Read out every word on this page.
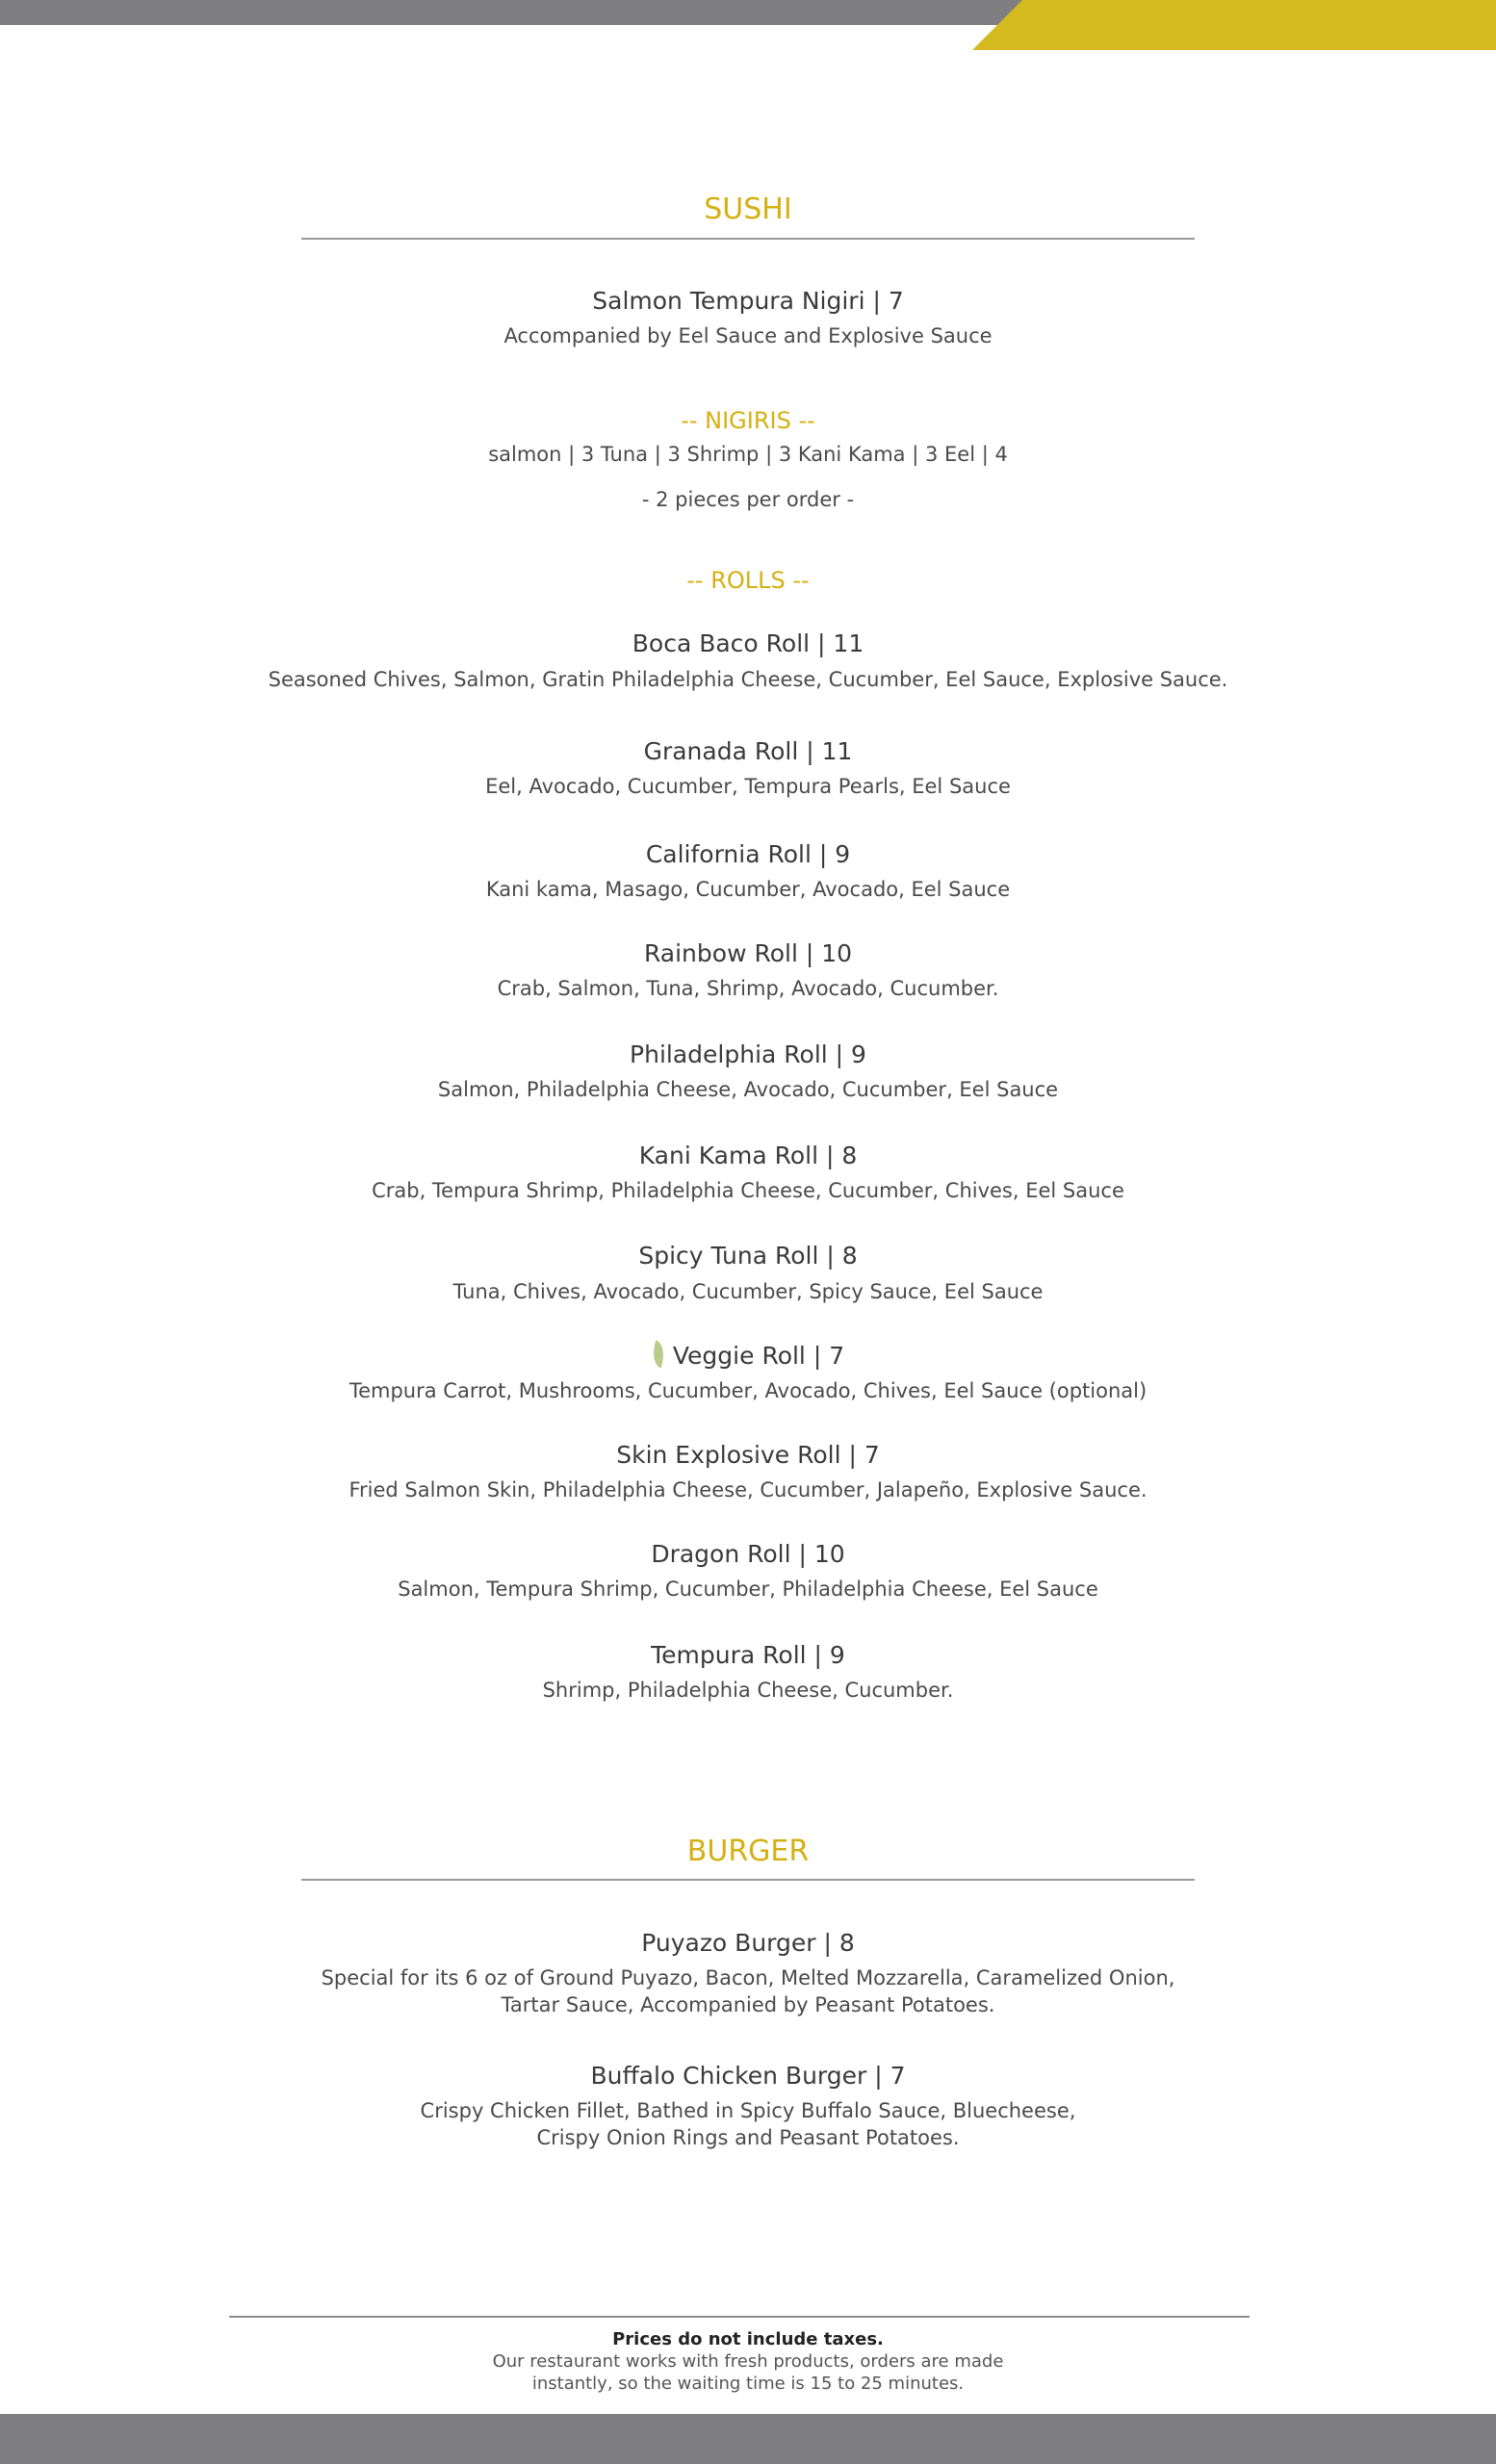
SUSHI
Salmon Tempura Nigiri | 7
Accompanied by Eel Sauce and Explosive Sauce
-- NIGIRIS --
salmon | 3 Tuna | 3 Shrimp | 3 Kani Kama | 3 Eel | 4
- 2 pieces per order -
-- ROLLS --
Boca Baco Roll | 11
Seasoned Chives, Salmon, Gratin Philadelphia Cheese, Cucumber, Eel Sauce, Explosive Sauce.
Granada Roll | 11
Eel, Avocado, Cucumber, Tempura Pearls, Eel Sauce
California Roll | 9
Kani kama, Masago, Cucumber, Avocado, Eel Sauce
Rainbow Roll | 10
Crab, Salmon, Tuna, Shrimp, Avocado, Cucumber.
Philadelphia Roll | 9
Salmon, Philadelphia Cheese, Avocado, Cucumber, Eel Sauce
Kani Kama Roll | 8
Crab, Tempura Shrimp, Philadelphia Cheese, Cucumber, Chives, Eel Sauce
Spicy Tuna Roll | 8
Tuna, Chives, Avocado, Cucumber, Spicy Sauce, Eel Sauce
Veggie Roll | 7
Tempura Carrot, Mushrooms, Cucumber, Avocado, Chives, Eel Sauce (optional)
Skin Explosive Roll | 7
Fried Salmon Skin, Philadelphia Cheese, Cucumber, Jalapeño, Explosive Sauce.
Dragon Roll | 10
Salmon, Tempura Shrimp, Cucumber, Philadelphia Cheese, Eel Sauce
Tempura Roll | 9
Shrimp, Philadelphia Cheese, Cucumber.
BURGER
Puyazo Burger | 8
Special for its 6 oz of Ground Puyazo, Bacon, Melted Mozzarella, Caramelized Onion,
Tartar Sauce, Accompanied by Peasant Potatoes.
Buffalo Chicken Burger | 7
Crispy Chicken Fillet, Bathed in Spicy Buffalo Sauce, Bluecheese,
Crispy Onion Rings and Peasant Potatoes.
Prices do not include taxes.
Our restaurant works with fresh products, orders are made
instantly, so the waiting time is 15 to 25 minutes.
